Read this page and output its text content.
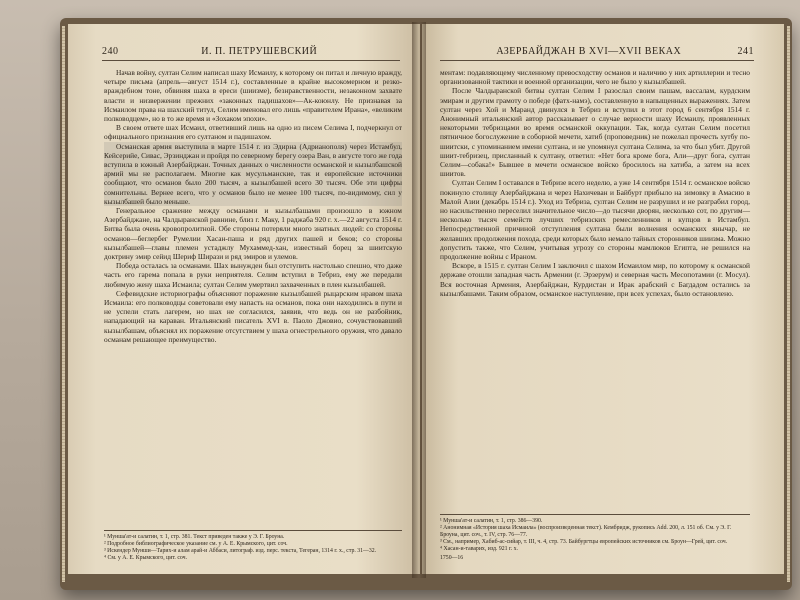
240	И. П. ПЕТРУШЕВСКИЙ

Начав войну, султан Селим написал шаху Исмаилу, к которому он питал и личную вражду, четыре письма (апрель—август 1514 г.), составленные в крайне высокомерном и резко-враждебном тоне, обвиняя шаха в ереси (шиизме), безнравственности, незаконном захвате власти и низвержении прежних «законных падишахов»—Ак-коюнлу. Не признавая за Исмаилом права на шахский титул, Селим именовал его лишь «правителем Ирана», «великим полководцем», но в то же время и «Зохаком эпохи».

В своем ответе шах Исмаил, ответивший лишь на одно из писем Селима I, подчеркнул от официального признания его султаном и падишахом.

Османская армия выступила в марте 1514 г. из Эдирна (Адрианополя) через Истамбул, Кейсерийе, Сивас, Эрзинджан и пройдя по северному берегу озера Ван, в августе того же года вступила в южный Азербайджан. Точных данных о численности османской и кызылбашской армий мы не располагаем. Многие как мусульманские, так и европейские источники сообщают, что османов было 200 тысяч, а кызылбашей всего 30 тысяч. Обе эти цифры сомнительны. Вернее всего, что у османов было не менее 100 тысяч, по-видимому, сил у кызылбашей было меньше.

Генеральное сражение между османами и кызылбашами произошло в южном Азербайджане, на Чалдыранской равнине, близ г. Маку, 1 раджаба 920 г. х.—22 августа 1514 г. Битва была очень кровопролитной. Обе стороны потеряли много знатных людей: со стороны османов—беглербег Румелии Хасан-паша и ряд других пашей и беков; со стороны кызылбашей—главы племен устаджлу Мухаммед-хан, известный борец за шиитскую доктрину эмир сейид Шериф Ширази и ряд эмиров и улемов.

Победа осталась за османами. Шах вынужден был отступить настолько спешно, что даже часть его гарема попала в руки неприятеля. Селим вступил в Тебриз, ему же передали любимую жену шаха Исмаила; султан Селим умертвил захваченных в плен кызылбашей.

Сефевидские историографы объясняют поражение кызылбашей рыцарским нравом шаха Исмаила: его полководцы советовали ему напасть на османов, пока они находились в пути и не успели стать лагерем, но шах не согласился, заявив, что ведь он не разбойник, нападающий на караван. Итальянский писатель XVI в. Паоло Джовио, сочувствовавший кызылбашам, объяснял их поражение отсутствием у шаха огнестрельного оружия, что давало османам решающее преимущество.

¹ Мунша'ат-и салатин, т. 1, стр. 381. Текст приведен также у Э. Г. Броуна.
² Подробное библиографическое указание см. у А. Е. Крымского, цит. соч.
³ Искендер Мунши—Тарих-и алам арай-и Аббаси, литограф. изд. перс. текста, Тегеран, 1314 г. х., стр. 31—32.
⁴ См. у А. Е. Крымского, цит. соч.
АЗЕРБАЙДЖАН В XVI—XVII ВЕКАХ	241

ментам: подавляющему численному превосходству османов и наличию у них артиллерии и тесно организованной тактики и военной организации, чего не было у кызылбашей.

После Чалдыранской битвы султан Селим I разослал своим пашам, вассалам, курдским эмирам и другим грамоту о победе (фатх-намэ), составленную в напыщенных выражениях. Затем султан через Хой и Маранд двинулся в Тебриз и вступил в этот город 6 сентября 1514 г. Анонимный итальянский автор рассказывает о случае верности шаху Исмаилу, проявленных некоторыми тебризцами во время османской оккупации. Так, когда султан Селим посетил пятничное богослужение в соборной мечети, хатиб (проповедник) не пожелал прочесть хутбу по-шиитски, с упоминанием имени султана, и не упомянул султана Селима, за что был убит. Другой шиит-тебризец, присланный к султану, ответил: «Нет бога кроме бога, Али—друг бога, султан Селим—собака!» Бывшее в мечети османское войско бросилось на хатиба, а затем на всех шиитов.

Султан Селим I оставался в Тебризе всего неделю, а уже 14 сентября 1514 г. османское войско покинуло столицу Азербайджана и через Нахичеван и Байбурт прибыло на зимовку в Амасию в Малой Азии (декабрь 1514 г.). Уход из Тебриза, султан Селим не разрушил и не разграбил город, но насильственно переселил значительное число—до тысячи дворян, несколько сот, по другим—несколько тысяч семейств лучших тебризских ремесленников и купцов в Истамбул. Непосредственной причиной отступления султана были волнения османских янычар, не желавших продолжения похода, среди которых было немало тайных сторонников шиизма. Можно допустить также, что Селим, учитывая угрозу со стороны мамлюков Египта, не решился на продолжение войны с Ираном.

Вскоре, в 1515 г. султан Селим I заключил с шахом Исмаилом мир, по которому к османской державе отошли западная часть Армении (г. Эрзерум) и северная часть Месопотамии (г. Мосул). Вся восточная Армения, Азербайджан, Курдистан и Ирак арабский с Багдадом остались за кызылбашами. Таким образом, османское наступление, при всех успехах, было остановлено.

¹ Мунша'ат-и салатин, т. 1, стр. 386—390.
² Анонимная «История шаха Исмаила» (воспроизведенная текст). Кембридж, рукопись Add. 200, л. 151 об. См. у Э. Г. Броуна, цит. соч., т. IV, стр. 76—77.
³ См., например, Хабиб-ас-сийар, т. III, ч. 4, стр. 73. Байбургтцы европейских источников см. Броун—Грей, цит. соч.
⁴ Хасан-и-таварих, изд. 921 г. х.
1750—16
